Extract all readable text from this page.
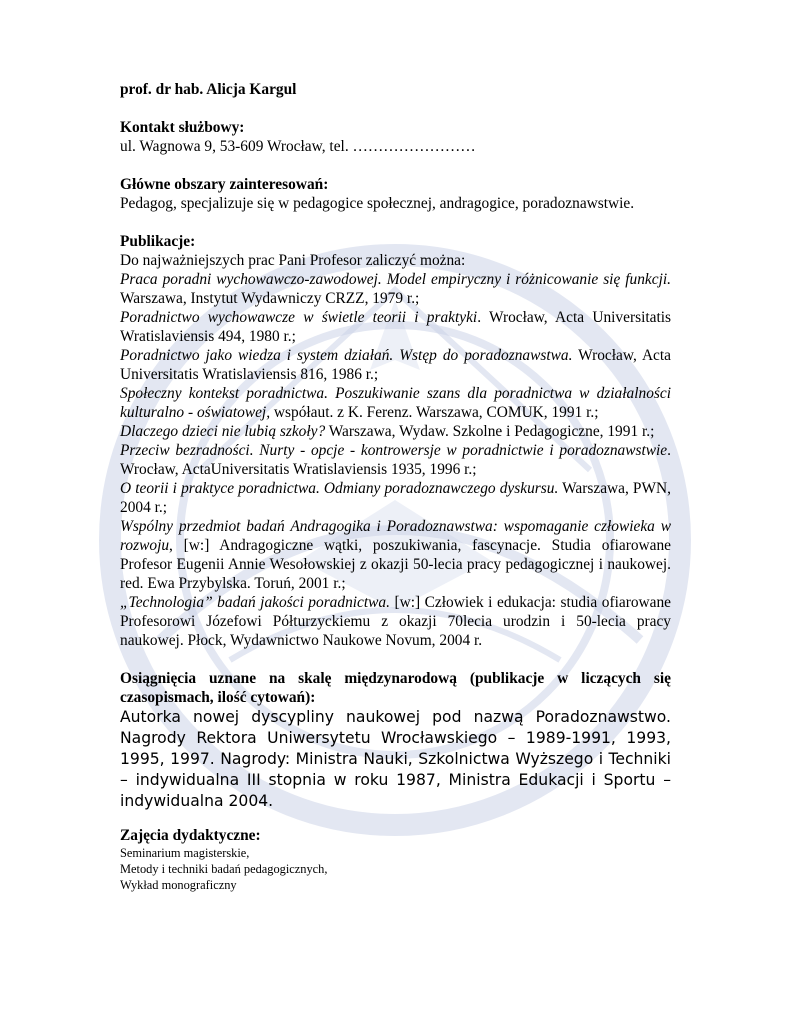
prof. dr hab. Alicja Kargul

Kontakt służbowy:

ul. Wagnowa 9, 53-609 Wrocław, tel. ……………………

Główne obszary zainteresowań:

Pedagog, specjalizuje się w pedagogice społecznej, andragogice, poradoznawstwie.

Publikacje:

Do najważniejszych prac Pani Profesor zaliczyć można:

Praca poradni wychowawczo-zawodowej. Model empiryczny i różnicowanie się funkcji. Warszawa, Instytut Wydawniczy CRZZ, 1979 r.;

Poradnictwo wychowawcze w świetle teorii i praktyki. Wrocław, Acta Universitatis Wratislaviensis 494, 1980 r.;

Poradnictwo jako wiedza i system działań. Wstęp do poradoznawstwa. Wrocław, Acta Universitatis Wratislaviensis 816, 1986 r.;

Społeczny kontekst poradnictwa. Poszukiwanie szans dla poradnictwa w działalności kulturalno - oświatowej, współaut. z K. Ferenz. Warszawa, COMUK, 1991 r.;

Dlaczego dzieci nie lubią szkoły? Warszawa, Wydaw. Szkolne i Pedagogiczne, 1991 r.;

Przeciw bezradności. Nurty - opcje - kontrowersje w poradnictwie i poradoznawstwie. Wrocław, ActaUniversitatis Wratislaviensis 1935, 1996 r.;

O teorii i praktyce poradnictwa. Odmiany poradoznawczego dyskursu. Warszawa, PWN, 2004 r.;

Wspólny przedmiot badań Andragogika i Poradoznawstwa: wspomaganie człowieka w rozwoju, [w:] Andragogiczne wątki, poszukiwania, fascynacje. Studia ofiarowane Profesor Eugenii Annie Wesołowskiej z okazji 50-lecia pracy pedagogicznej i naukowej. red. Ewa Przybylska. Toruń, 2001 r.;

„Technologia” badań jakości poradnictwa. [w:] Człowiek i edukacja: studia ofiarowane Profesorowi Józefowi Półturzyckiemu z okazji 70lecia urodzin i 50-lecia pracy naukowej. Płock, Wydawnictwo Naukowe Novum, 2004 r.

Osiągnięcia uznane na skalę międzynarodową (publikacje w liczących się czasopismach, ilość cytowań):

Autorka nowej dyscypliny naukowej pod nazwą Poradoznawstwo. Nagrody Rektora Uniwersytetu Wrocławskiego – 1989-1991, 1993, 1995, 1997. Nagrody: Ministra Nauki, Szkolnictwa Wyższego i Techniki – indywidualna III stopnia w roku 1987, Ministra Edukacji i Sportu – indywidualna 2004.

Zajęcia dydaktyczne:

Seminarium magisterskie,

Metody i techniki badań pedagogicznych,

Wykład monograficzny
